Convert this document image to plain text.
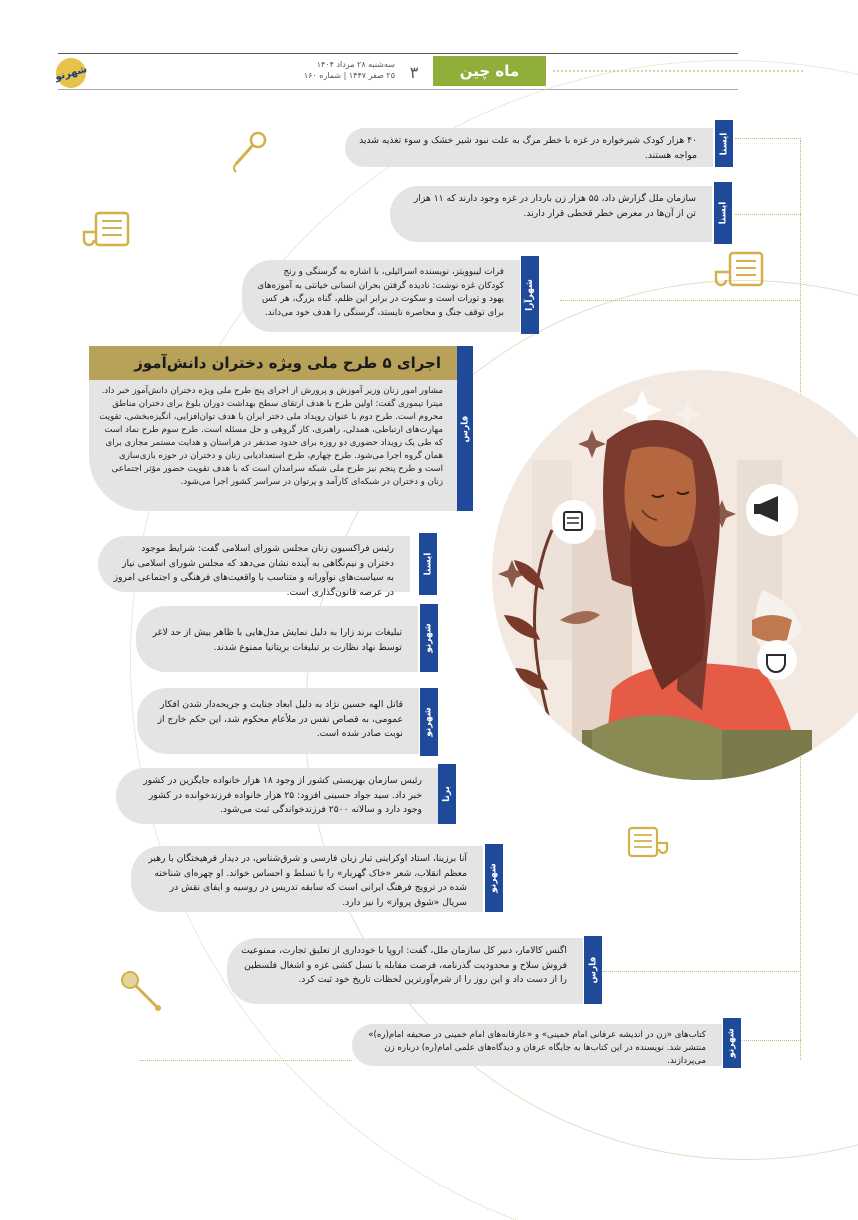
شهرنو	سه‌شنبه ۲۸ مرداد ۱۴۰۴
۲۵ صفر ۱۴۴۷ | شماره ۱۶۰ ۳	ماه چین
۴۰ هزار کودک شیرخواره در غزه با خطر مرگ به علت نبود شیر خشک و سوء تغذیه شدید مواجه هستند.
ایسنا
سازمان ملل گزارش داد، ۵۵ هزار زن باردار در غزه وجود دارند که ۱۱ هزار تن از آن‌ها در معرض خطر قحطی قرار دارند.	ایسنا
فرات لیبوویتز، نویسنده اسرائیلی، با اشاره به گرسنگی و رنج کودکان غزه نوشت: نادیده گرفتن بحران انسانی خیانتی به آموزه‌های یهود و تورات است و سکوت در برابر این ظلم، گناه بزرگ، هر کس برای توقف جنگ و محاصره نایستد، گرسنگی را هدف خود می‌داند.
شهرآرا
اجرای ۵ طرح ملی ویژه دختران دانش‌آموز
مشاور امور زنان وزیر آموزش و پرورش از اجرای پنج طرح ملی ویژه دختران دانش‌آموز خبر داد. میترا تیموری گفت: اولین طرح با هدف ارتقای سطح بهداشت دوران بلوغ برای دختران مناطق محروم است. طرح دوم با عنوان رویداد ملی دختر ایران با هدف توان‌افزایی، انگیزه‌بخشی، تقویت مهارت‌های ارتباطی، همدلی، راهبری، کار گروهی و حل مسئله است. طرح سوم طرح نماد است که طی یک رویداد حضوری دو روزه برای حدود صدنفر در هراستان و هدایت مستمر مجازی برای همان گروه اجرا می‌شود. طرح چهارم، طرح استعدادیابی زنان و دختران در حوزه بازی‌سازی است و طرح پنجم نیز طرح ملی شبکه سرامدان است که با هدف تقویت حضور مؤثر اجتماعی زنان و دختران در شبکه‌ای کارآمد و پرتوان در سراسر کشور اجرا می‌شود.
فارس
رئیس فراکسیون زنان مجلس شورای اسلامی گفت: شرایط موجود دختران و نیم‌نگاهی به آینده نشان می‌دهد که مجلس شورای اسلامی نیاز به سیاست‌های نوآورانه و متناسب با واقعیت‌های فرهنگی و اجتماعی امروز در عرصه قانون‌گذاری است.
ایسنا
تبلیغات برند زارا به دلیل نمایش مدل‌هایی با ظاهر بیش از حد لاغر توسط نهاد نظارت بر تبلیغات بریتانیا ممنوع شدند.	شهرنو
قاتل الهه حسین نژاد به دلیل ابعاد جنایت و جریحه‌دار شدن افکار عمومی، به قصاص نفس در ملأعام محکوم شد، این حکم خارج از نوبت صادر شده است.	شهرنو
رئیس سازمان بهزیستی کشور از وجود ۱۸ هزار خانواده جایگزین در کشور خبر داد. سید جواد حسینی افزود: ۲۵ هزار خانواده فرزندخوانده در کشور وجود دارد و سالانه ۲۵۰۰ فرزندخواندگی ثبت می‌شود.
برنا
آنا برزینا، استاد اوکراینی تبار زبان فارسی و شرق‌شناس، در دیدار فرهیختگان با رهبر معظم انقلاب، شعر «خاک گهربار» را با تسلط و احساس خواند. او چهره‌ای شناخته شده در ترویج فرهنگ ایرانی است که سابقه تدریس در روسیه و ایفای نقش در سریال «شوق پرواز» را نیز دارد.
شهرنو
اگنس کالامار، دبیر کل سازمان ملل، گفت: اروپا با خودداری از تعلیق تجارت، ممنوعیت فروش سلاح و محدودیت گذرنامه، فرصت مقابله با نسل کشی غزه و اشغال فلسطین را از دست داد و این روز را از شرم‌آورترین لحظات تاریخ خود ثبت کرد.	فارس
کتاب‌های «زن در اندیشه عرفانی امام خمینی» و «عارفانه‌های امام خمینی در صحیفه امام(ره)» منتشر شد. نویسنده در این کتاب‌ها به جایگاه عرفان و دیدگاه‌های علمی امام(ره) درباره زن می‌پردازند.
شهرنو
